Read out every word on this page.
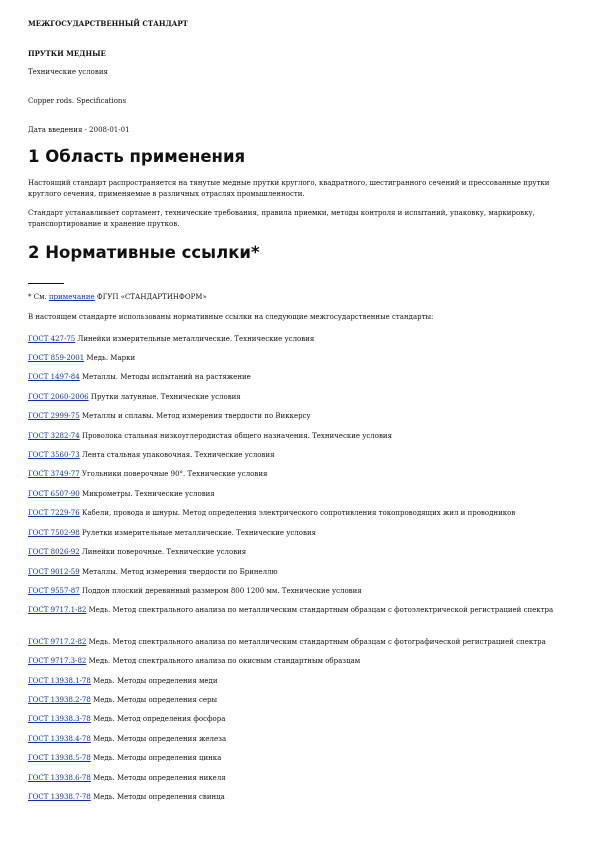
МЕЖГОСУДАРСТВЕННЫЙ СТАНДАРТ
ПРУТКИ МЕДНЫЕ
Технические условия
Copper rods. Specifications
Дата введения - 2008-01-01
1 Область применения
Настоящий стандарт распространяется на тянутые медные прутки круглого, квадратного, шестигранного сечений и прессованные прутки круглого сечения, применяемые в различных отраслях промышленности.
Стандарт устанавливает сортамент, технические требования, правила приемки, методы контроля и испытаний, упаковку, маркировку, транспортирование и хранение прутков.
2 Нормативные ссылки*
* См. примечание ФГУП «СТАНДАРТИНФОРМ»
В настоящем стандарте использованы нормативные ссылки на следующие межгосударственные стандарты:
ГОСТ 427-75 Линейки измерительные металлические. Технические условия
ГОСТ 859-2001 Медь. Марки
ГОСТ 1497-84 Металлы. Методы испытаний на растяжение
ГОСТ 2060-2006 Прутки латунные. Технические условия
ГОСТ 2999-75 Металлы и сплавы. Метод измерения твердости по Виккерсу
ГОСТ 3282-74 Проволока стальная низкоуглеродистая общего назначения. Технические условия
ГОСТ 3560-73 Лента стальная упаковочная. Технические условия
ГОСТ 3749-77 Угольники поверочные 90°. Технические условия
ГОСТ 6507-90 Микрометры. Технические условия
ГОСТ 7229-76 Кабели, провода и шнуры. Метод определения электрического сопротивления токопроводящих жил и проводников
ГОСТ 7502-98 Рулетки измерительные металлические. Технические условия
ГОСТ 8026-92 Линейки поверочные. Технические условия
ГОСТ 9012-59 Металлы. Метод измерения твердости по Бринеллю
ГОСТ 9557-87 Поддон плоский деревянный размером 800 1200 мм. Технические условия
ГОСТ 9717.1-82 Медь. Метод спектрального анализа по металлическим стандартным образцам с фотоэлектрической регистрацией спектра
ГОСТ 9717.2-82 Медь. Метод спектрального анализа по металлическим стандартным образцам с фотографической регистрацией спектра
ГОСТ 9717.3-82 Медь. Метод спектрального анализа по окисным стандартным образцам
ГОСТ 13938.1-78 Медь. Методы определения меди
ГОСТ 13938.2-78 Медь. Методы определения серы
ГОСТ 13938.3-78 Медь. Метод определения фосфора
ГОСТ 13938.4-78 Медь. Методы определения железа
ГОСТ 13938.5-78 Медь. Методы определения цинка
ГОСТ 13938.6-78 Медь. Методы определения никеля
ГОСТ 13938.7-78 Медь. Методы определения свинца
